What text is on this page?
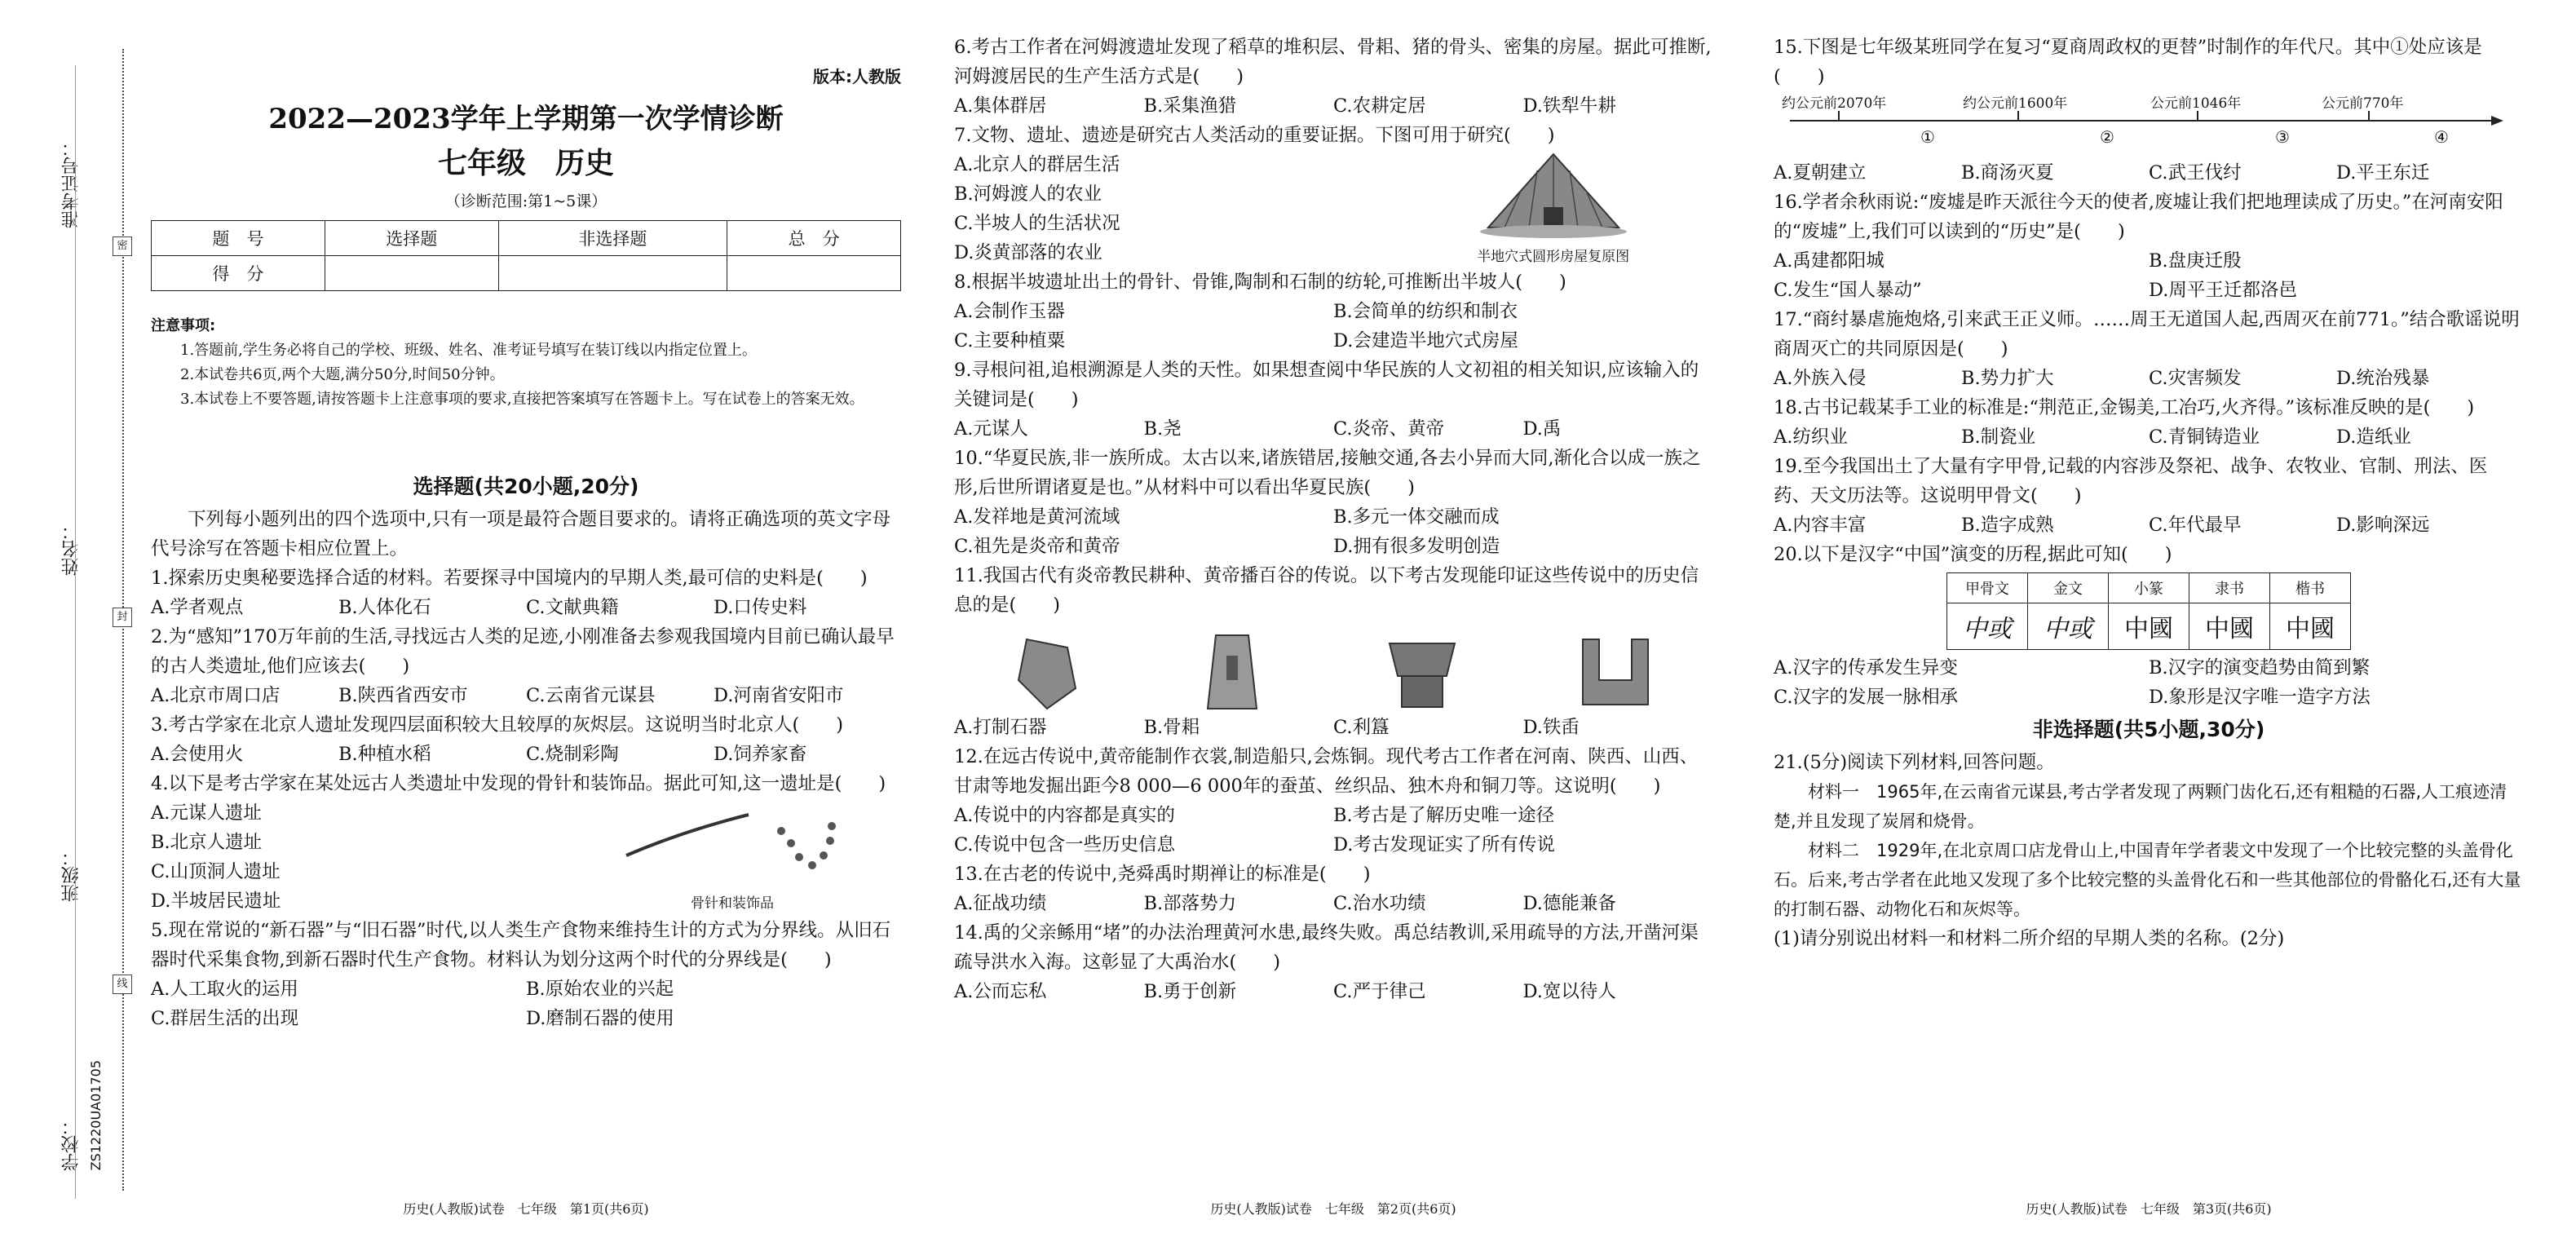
准考证号：
姓名：
班级：
学校：
密
封
线
ZS1220UA01705
版本:人教版
2022—2023学年上学期第一次学情诊断
七年级　历史
（诊断范围:第1~5课）
题　号	选择题	非选择题	总　分
得　分			
注意事项:
1.答题前,学生务必将自己的学校、班级、姓名、准考证号填写在装订线以内指定位置上。
2.本试卷共6页,两个大题,满分50分,时间50分钟。
3.本试卷上不要答题,请按答题卡上注意事项的要求,直接把答案填写在答题卡上。写在试卷上的答案无效。
选择题(共20小题,20分)

下列每小题列出的四个选项中,只有一项是最符合题目要求的。请将正确选项的英文字母代号涂写在答题卡相应位置上。

1.探索历史奥秘要选择合适的材料。若要探寻中国境内的早期人类,最可信的史料是(　　)

A.学者观点	B.人体化石	C.文献典籍	D.口传史料

2.为“感知”170万年前的生活,寻找远古人类的足迹,小刚准备去参观我国境内目前已确认最早的古人类遗址,他们应该去(　　)

A.北京市周口店	B.陕西省西安市	C.云南省元谋县	D.河南省安阳市

3.考古学家在北京人遗址发现四层面积较大且较厚的灰烬层。这说明当时北京人(　　)

A.会使用火	B.种植水稻	C.烧制彩陶	D.饲养家畜

4.以下是考古学家在某处远古人类遗址中发现的骨针和装饰品。据此可知,这一遗址是(　　)

A.元谋人遗址
B.北京人遗址
C.山顶洞人遗址
D.半坡居民遗址	骨针和装饰品

5.现在常说的“新石器”与“旧石器”时代,以人类生产食物来维持生计的方式为分界线。从旧石器时代采集食物,到新石器时代生产食物。材料认为划分这两个时代的分界线是(　　)

A.人工取火的运用	B.原始农业的兴起
C.群居生活的出现	D.磨制石器的使用
历史(人教版)试卷　七年级　第1页(共6页)

6.考古工作者在河姆渡遗址发现了稻草的堆积层、骨耜、猪的骨头、密集的房屋。据此可推断,河姆渡居民的生产生活方式是(　　)

A.集体群居	B.采集渔猎	C.农耕定居	D.铁犁牛耕

7.文物、遗址、遗迹是研究古人类活动的重要证据。下图可用于研究(　　)

A.北京人的群居生活
B.河姆渡人的农业
C.半坡人的生活状况
D.炎黄部落的农业	半地穴式圆形房屋复原图

8.根据半坡遗址出土的骨针、骨锥,陶制和石制的纺轮,可推断出半坡人(　　)

A.会制作玉器	B.会简单的纺织和制衣
C.主要种植粟	D.会建造半地穴式房屋

9.寻根问祖,追根溯源是人类的天性。如果想查阅中华民族的人文初祖的相关知识,应该输入的关键词是(　　)

A.元谋人	B.尧	C.炎帝、黄帝	D.禹

10.“华夏民族,非一族所成。太古以来,诸族错居,接触交通,各去小异而大同,渐化合以成一族之形,后世所谓诸夏是也。”从材料中可以看出华夏民族(　　)

A.发祥地是黄河流域	B.多元一体交融而成
C.祖先是炎帝和黄帝	D.拥有很多发明创造

11.我国古代有炎帝教民耕种、黄帝播百谷的传说。以下考古发现能印证这些传说中的历史信息的是(　　)

A.打制石器	B.骨耜	C.利簋	D.铁臿

12.在远古传说中,黄帝能制作衣裳,制造船只,会炼铜。现代考古工作者在河南、陕西、山西、甘肃等地发掘出距今8 000—6 000年的蚕茧、丝织品、独木舟和铜刀等。这说明(　　)

A.传说中的内容都是真实的	B.考古是了解历史唯一途径
C.传说中包含一些历史信息	D.考古发现证实了所有传说

13.在古老的传说中,尧舜禹时期禅让的标准是(　　)

A.征战功绩	B.部落势力	C.治水功绩	D.德能兼备

14.禹的父亲鲧用“堵”的办法治理黄河水患,最终失败。禹总结教训,采用疏导的方法,开凿河渠疏导洪水入海。这彰显了大禹治水(　　)

A.公而忘私	B.勇于创新	C.严于律己	D.宽以待人
历史(人教版)试卷　七年级　第2页(共6页)

15.下图是七年级某班同学在复习“夏商周政权的更替”时制作的年代尺。其中①处应该是(　　)

约公元前2070年	约公元前1600年	公元前1046年	公元前770年
①	②	③	④
A.夏朝建立	B.商汤灭夏	C.武王伐纣	D.平王东迁

16.学者余秋雨说:“废墟是昨天派往今天的使者,废墟让我们把地理读成了历史。”在河南安阳的“废墟”上,我们可以读到的“历史”是(　　)

A.禹建都阳城	B.盘庚迁殷
C.发生“国人暴动”	D.周平王迁都洛邑

17.“商纣暴虐施炮烙,引来武王正义师。……周王无道国人起,西周灭在前771。”结合歌谣说明商周灭亡的共同原因是(　　)

A.外族入侵	B.势力扩大	C.灾害频发	D.统治残暴

18.古书记载某手工业的标准是:“荆范正,金锡美,工冶巧,火齐得。”该标准反映的是(　　)

A.纺织业	B.制瓷业	C.青铜铸造业	D.造纸业

19.至今我国出土了大量有字甲骨,记载的内容涉及祭祀、战争、农牧业、官制、刑法、医药、天文历法等。这说明甲骨文(　　)

A.内容丰富	B.造字成熟	C.年代最早	D.影响深远

20.以下是汉字“中国”演变的历程,据此可知(　　)

甲骨文	金文	小篆	隶书	楷书
中或	中或	中國	中國	中國
A.汉字的传承发生异变	B.汉字的演变趋势由简到繁
C.汉字的发展一脉相承	D.象形是汉字唯一造字方法
非选择题(共5小题,30分)

21.(5分)阅读下列材料,回答问题。

材料一　1965年,在云南省元谋县,考古学者发现了两颗门齿化石,还有粗糙的石器,人工痕迹清楚,并且发现了炭屑和烧骨。
材料二　1929年,在北京周口店龙骨山上,中国青年学者裴文中发现了一个比较完整的头盖骨化石。后来,考古学者在此地又发现了多个比较完整的头盖骨化石和一些其他部位的骨骼化石,还有大量的打制石器、动物化石和灰烬等。

(1)请分别说出材料一和材料二所介绍的早期人类的名称。(2分)

历史(人教版)试卷　七年级　第3页(共6页)
